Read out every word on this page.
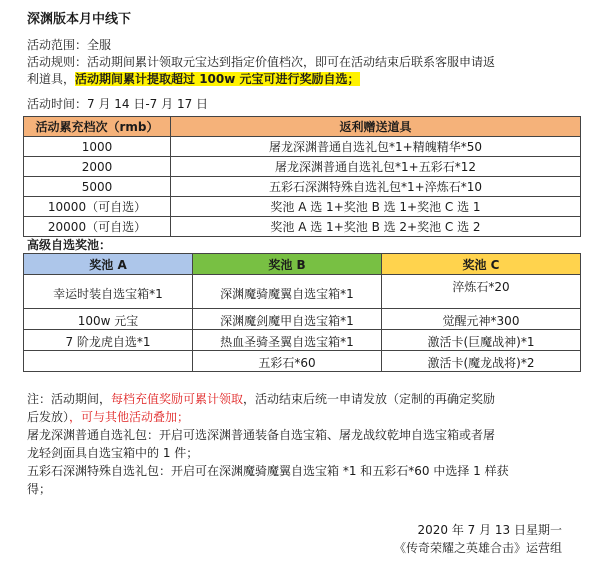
深渊版本月中线下
活动范围：全服
活动规则：活动期间累计领取元宝达到指定价值档次，即可在活动结束后联系客服申请返
利道具，活动期间累计提取超过 100w 元宝可进行奖励自选；
活动时间：7 月 14 日-7 月 17 日
活动累充档次（rmb）	返利赠送道具
1000	屠龙深渊普通自选礼包*1+精魄精华*50
2000	屠龙深渊普通自选礼包*1+五彩石*12
5000	五彩石深渊特殊自选礼包*1+淬炼石*10
10000（可自选）	奖池 A 选 1+奖池 B 选 1+奖池 C 选 1
20000（可自选）	奖池 A 选 1+奖池 B 选 2+奖池 C 选 2
高级自选奖池：
奖池 A	奖池 B	奖池 C
幸运时装自选宝箱*1	深渊魔骑魔翼自选宝箱*1	淬炼石*20
100w 元宝	深渊魔剑魔甲自选宝箱*1	觉醒元神*300
7 阶龙虎自选*1	热血圣骑圣翼自选宝箱*1	激活卡(巨魔战神)*1
	五彩石*60	激活卡(魔龙战将)*2
注：活动期间，每档充值奖励可累计领取，活动结束后统一申请发放（定制的再确定奖励
后发放），可与其他活动叠加；
屠龙深渊普通自选礼包：开启可选深渊普通装备自选宝箱、屠龙战纹乾坤自选宝箱或者屠
龙轻剑面具自选宝箱中的 1 件；
五彩石深渊特殊自选礼包：开启可在深渊魔骑魔翼自选宝箱 *1 和五彩石*60 中选择 1 样获
得；
2020 年 7 月 13 日星期一
《传奇荣耀之英雄合击》运营组
